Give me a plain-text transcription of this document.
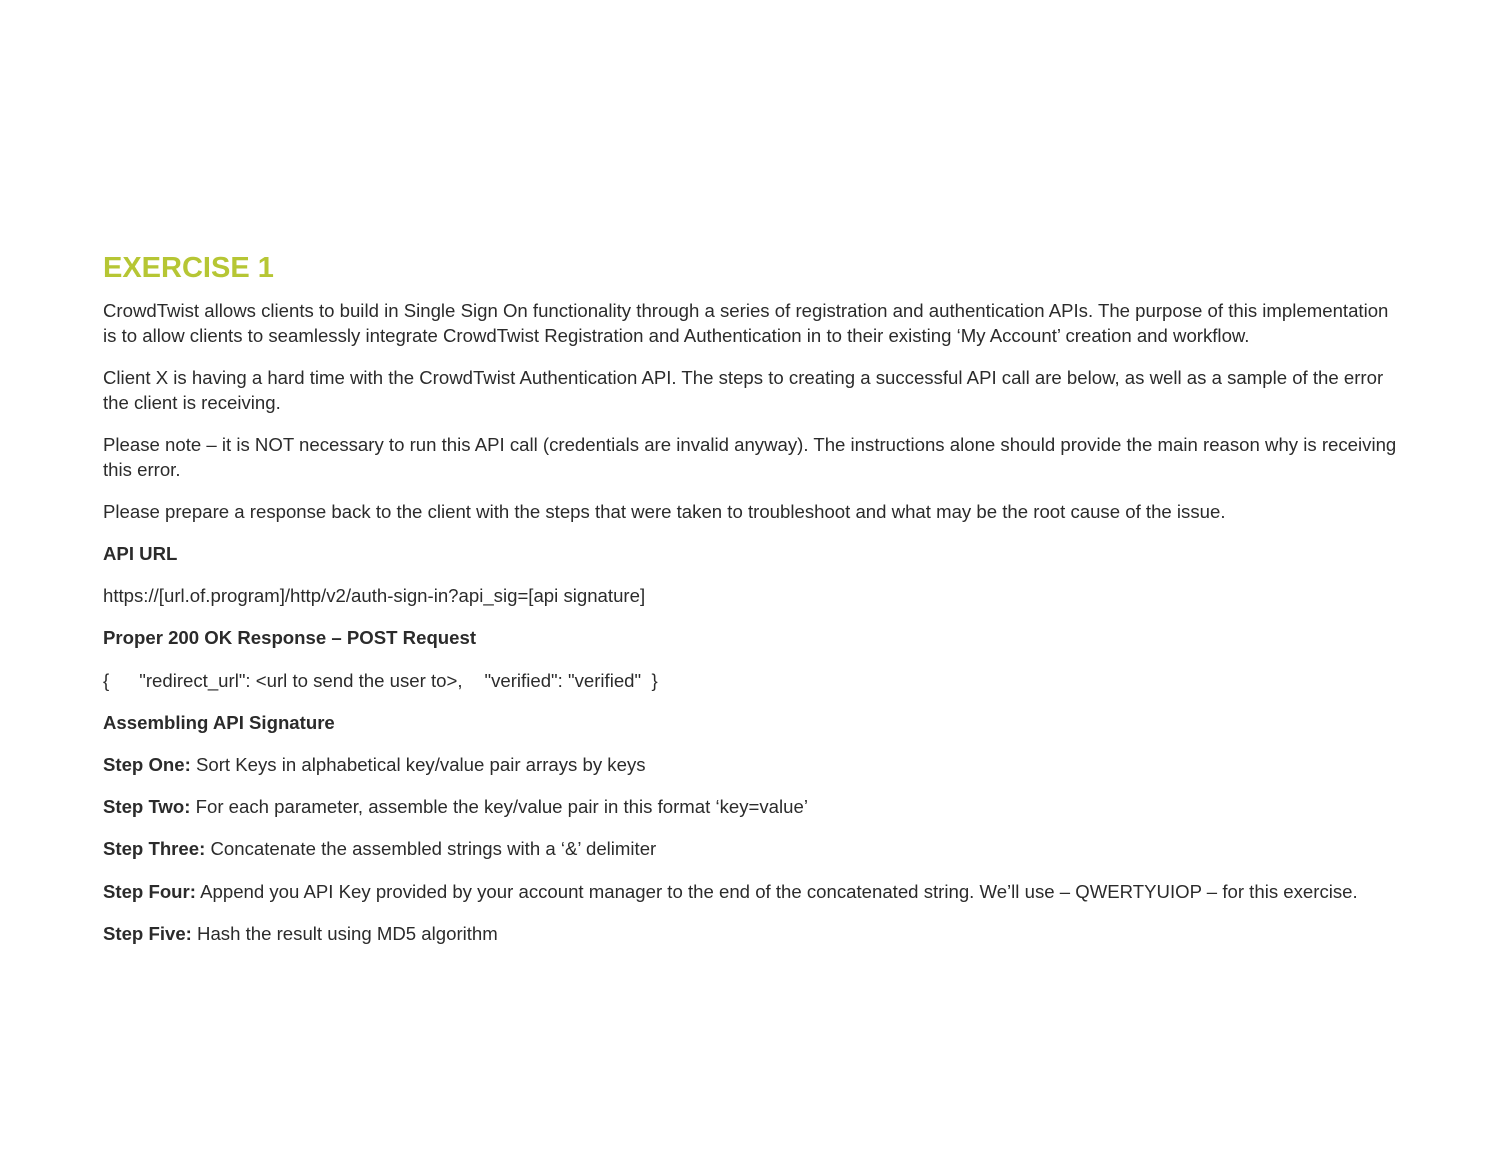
EXERCISE 1

CrowdTwist allows clients to build in Single Sign On functionality through a series of registration and authentication APIs. The purpose of this implementation is to allow clients to seamlessly integrate CrowdTwist Registration and Authentication in to their existing ‘My Account’ creation and workflow.

Client X is having a hard time with the CrowdTwist Authentication API. The steps to creating a successful API call are below, as well as a sample of the error the client is receiving.

Please note – it is NOT necessary to run this API call (credentials are invalid anyway). The instructions alone should provide the main reason why is receiving this error.

Please prepare a response back to the client with the steps that were taken to troubleshoot and what may be the root cause of the issue.

API URL

https://[url.of.program]/http/v2/auth-sign-in?api_sig=[api signature]

Proper 200 OK Response – POST Request

{ "redirect_url": <url to send the user to>, "verified": "verified" }

Assembling API Signature

Step One: Sort Keys in alphabetical key/value pair arrays by keys

Step Two: For each parameter, assemble the key/value pair in this format ‘key=value’

Step Three: Concatenate the assembled strings with a ‘&’ delimiter

Step Four: Append you API Key provided by your account manager to the end of the concatenated string. We’ll use – QWERTYUIOP – for this exercise.

Step Five: Hash the result using MD5 algorithm
